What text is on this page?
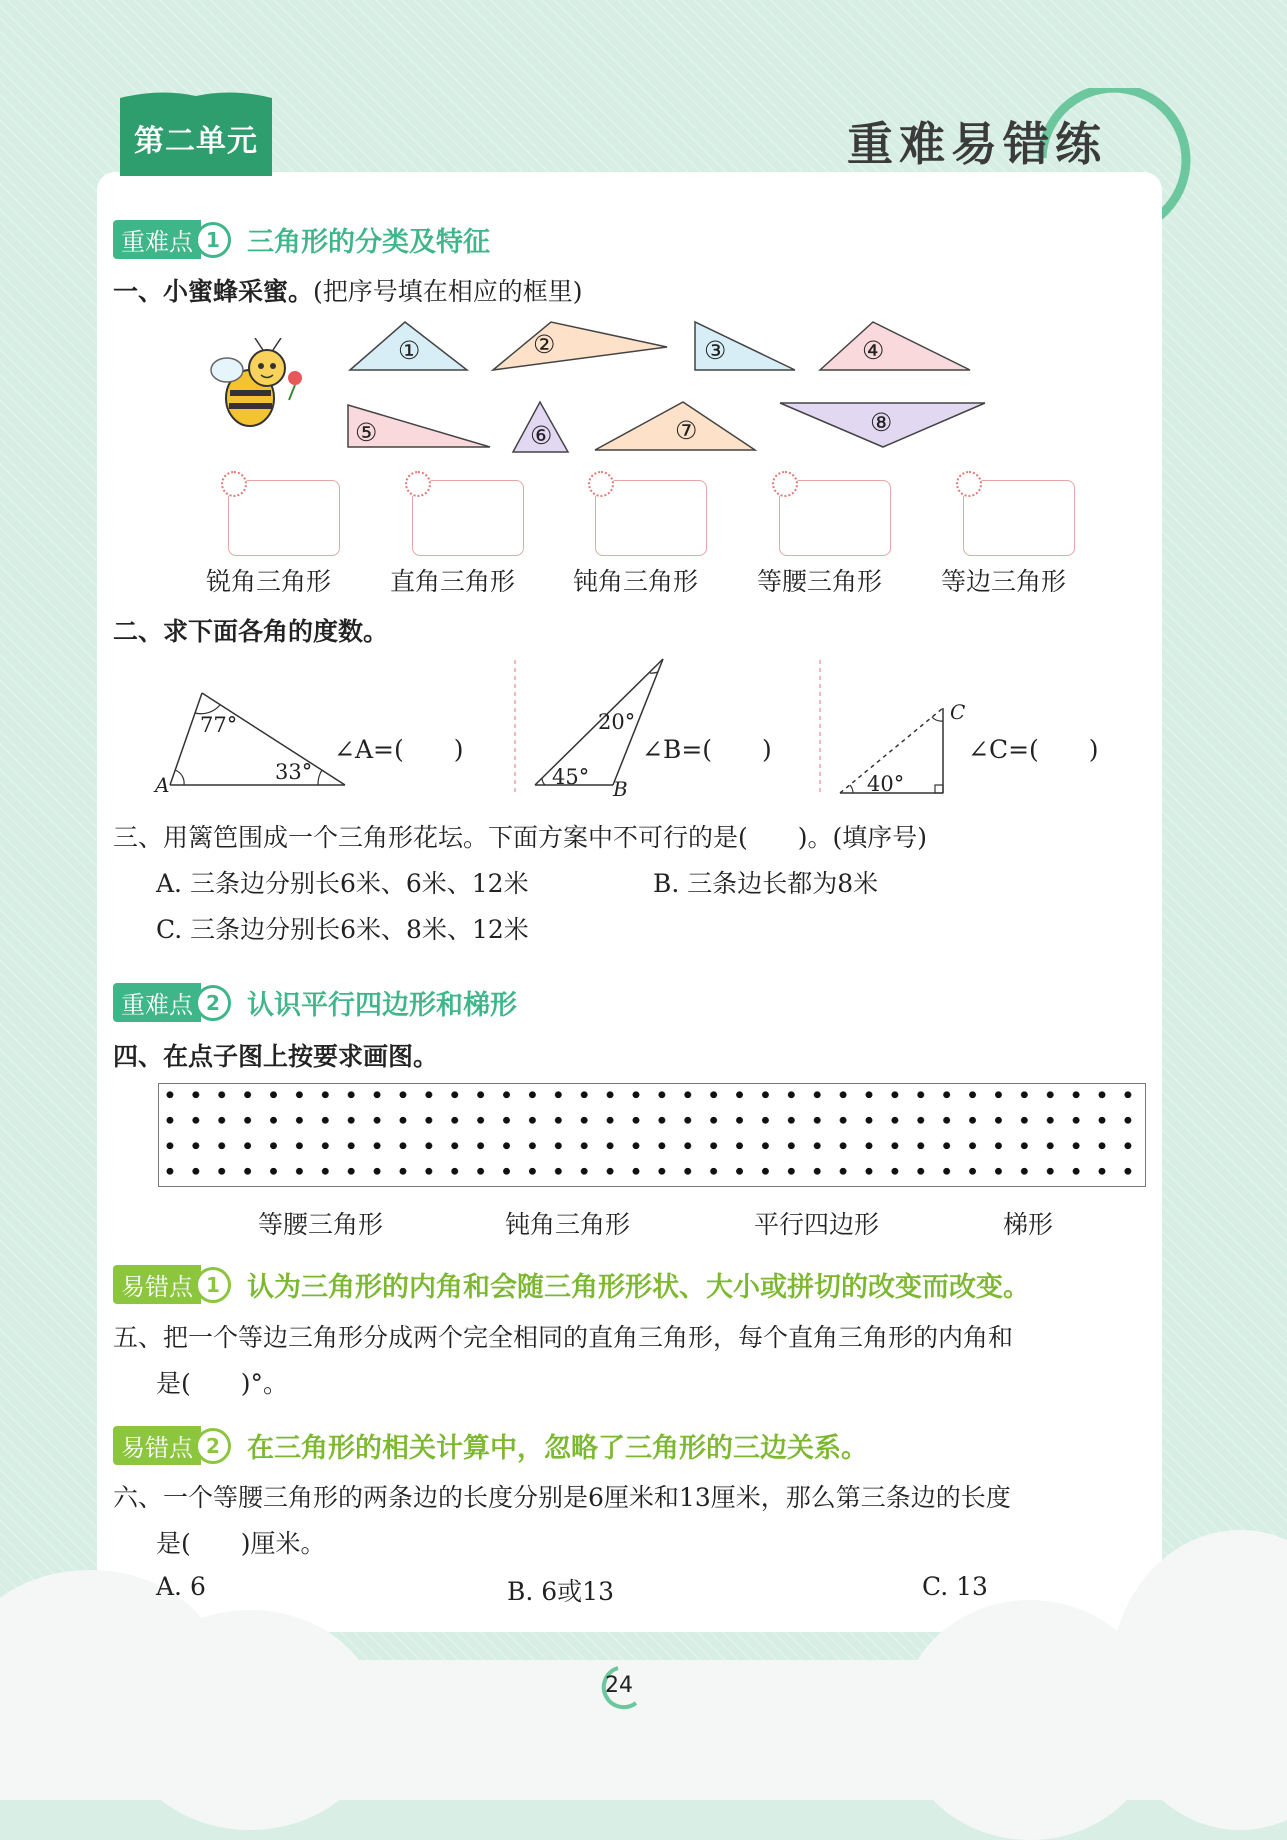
第二单元	重难易错练
重难点 1 三角形的分类及特征
一、小蜜蜂采蜜。(把序号填在相应的框里)
①	②	③	④
⑤	⑥	⑦	⑧
锐角三角形 直角三角形 钝角三角形 等腰三角形 等边三角形
二、求下面各角的度数。
77°
33°
A
∠A=(　　)
20°
45° B
∠B=(　　)
40°
C
∠C=(　　)
三、用篱笆围成一个三角形花坛。下面方案中不可行的是(　　)。(填序号)
A. 三条边分别长6米、6米、12米	B. 三条边长都为8米
C. 三条边分别长6米、8米、12米
重难点 2 认识平行四边形和梯形
四、在点子图上按要求画图。
等腰三角形	钝角三角形	平行四边形	梯形
易错点 1 认为三角形的内角和会随三角形形状、大小或拼切的改变而改变。
五、把一个等边三角形分成两个完全相同的直角三角形，每个直角三角形的内角和
是(　　)°。
易错点 2 在三角形的相关计算中，忽略了三角形的三边关系。
六、一个等腰三角形的两条边的长度分别是6厘米和13厘米，那么第三条边的长度
是(　　)厘米。
A. 6	B. 6或13	C. 13
24
